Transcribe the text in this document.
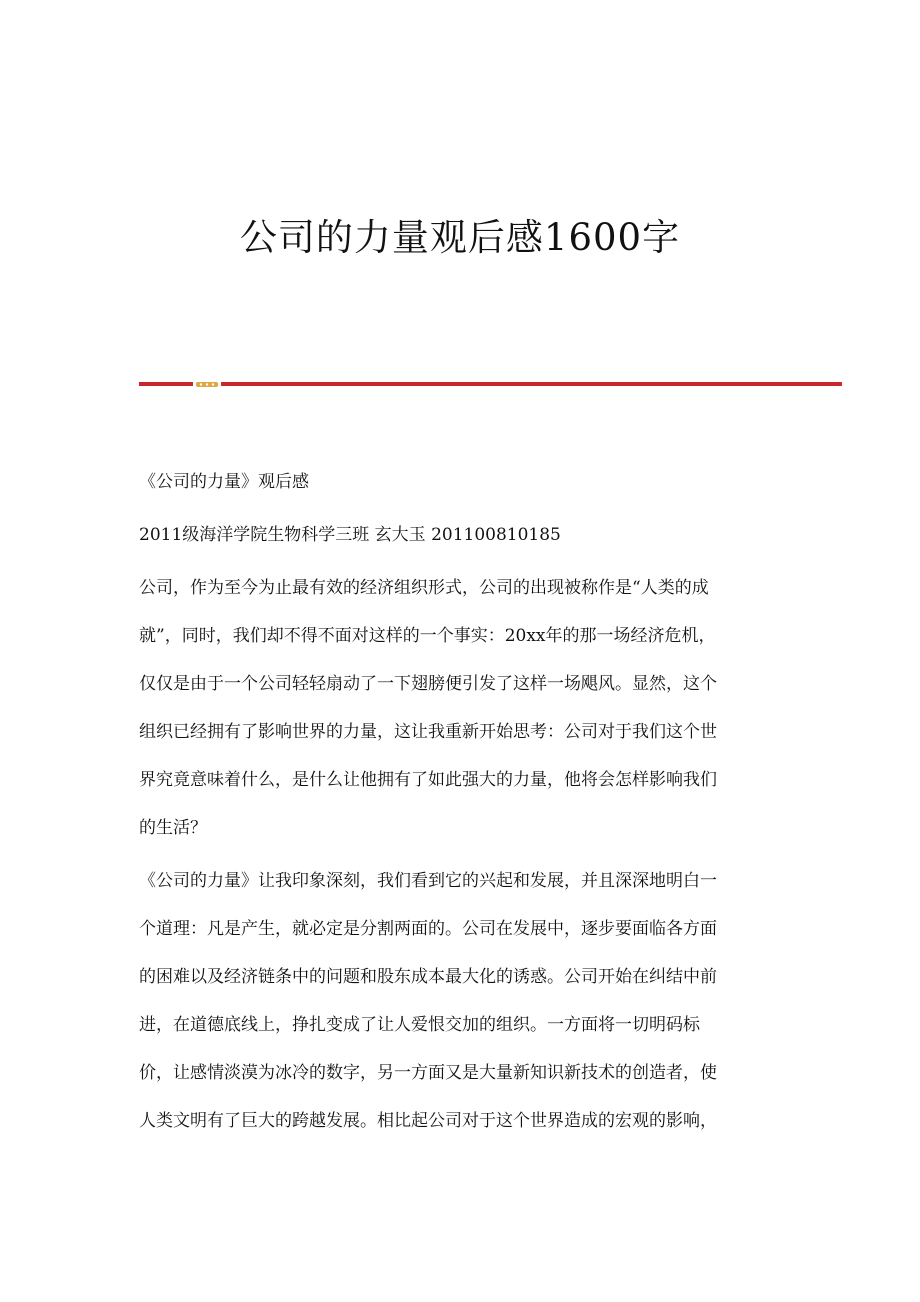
公司的力量观后感1600字

《公司的力量》观后感

2011级海洋学院生物科学三班 玄大玉 201100810185

公司，作为至今为止最有效的经济组织形式，公司的出现被称作是“人类的成

就”，同时，我们却不得不面对这样的一个事实：20xx年的那一场经济危机，

仅仅是由于一个公司轻轻扇动了一下翅膀便引发了这样一场飓风。显然，这个

组织已经拥有了影响世界的力量，这让我重新开始思考：公司对于我们这个世

界究竟意味着什么，是什么让他拥有了如此强大的力量，他将会怎样影响我们

的生活？

《公司的力量》让我印象深刻，我们看到它的兴起和发展，并且深深地明白一

个道理：凡是产生，就必定是分割两面的。公司在发展中，逐步要面临各方面

的困难以及经济链条中的问题和股东成本最大化的诱惑。公司开始在纠结中前

进，在道德底线上，挣扎变成了让人爱恨交加的组织。一方面将一切明码标

价，让感情淡漠为冰冷的数字，另一方面又是大量新知识新技术的创造者，使

人类文明有了巨大的跨越发展。相比起公司对于这个世界造成的宏观的影响，
